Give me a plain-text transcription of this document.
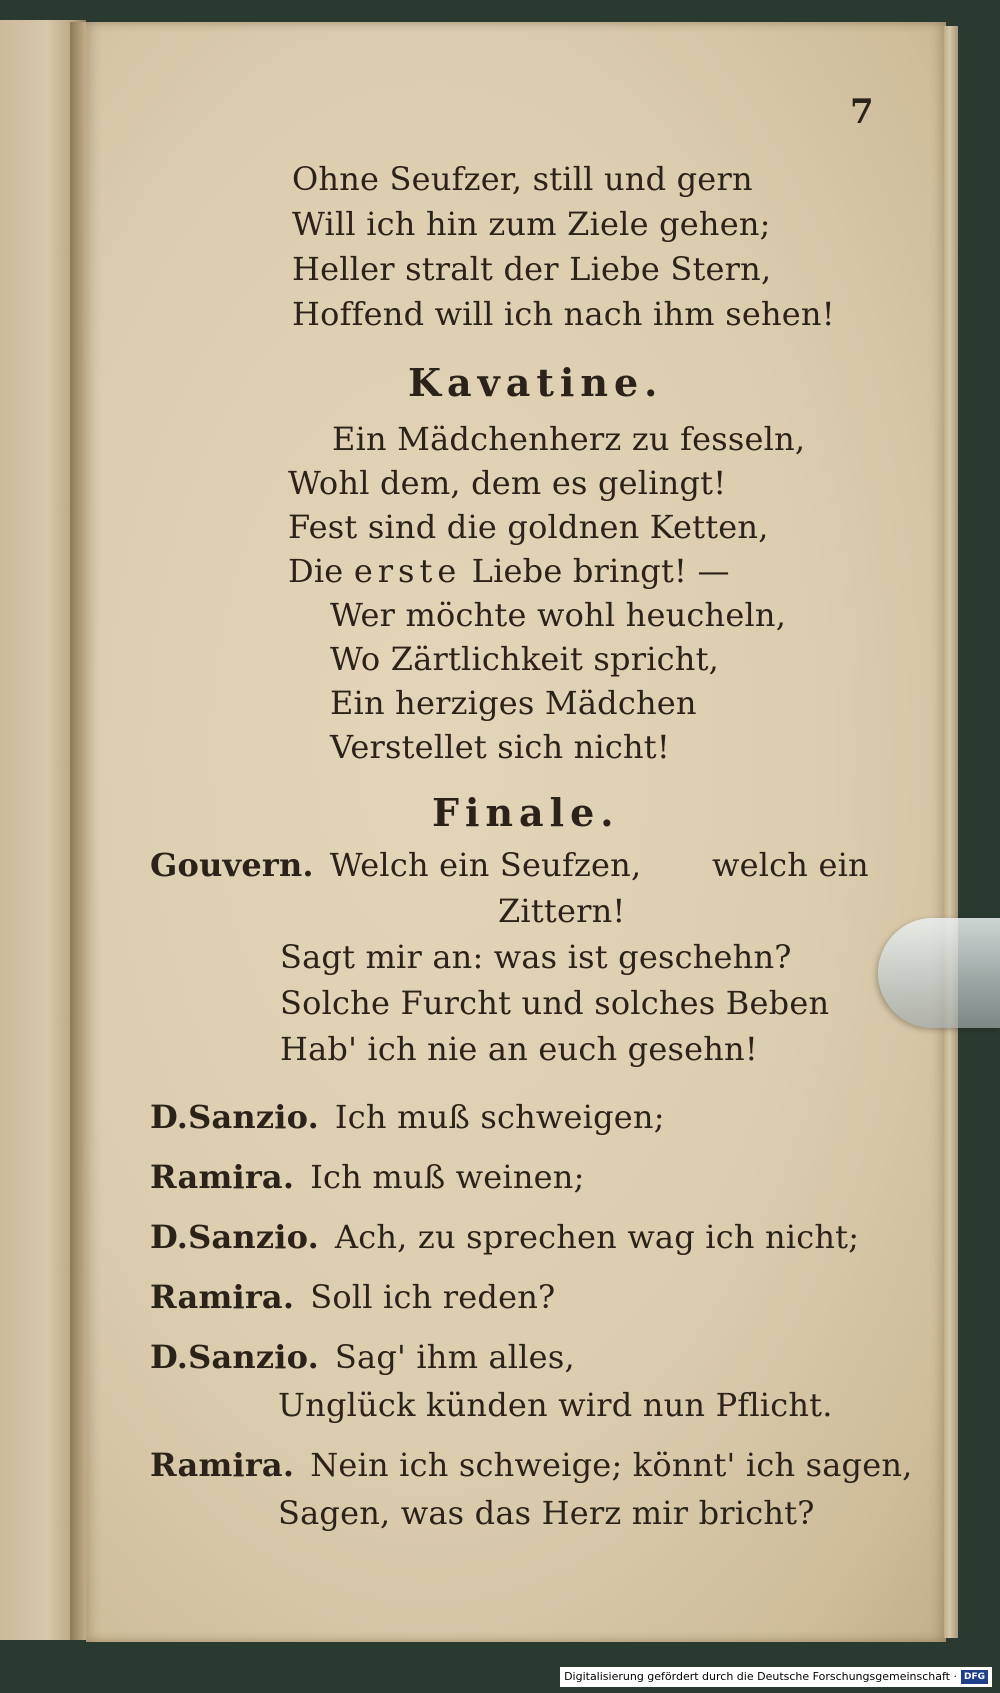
7
Ohne Seufzer, still und gern
Will ich hin zum Ziele gehen;
Heller stralt der Liebe Stern,
Hoffend will ich nach ihm sehen!
Kavatine.
Ein Mädchenherz zu fesseln,
Wohl dem, dem es gelingt!
Fest sind die goldnen Ketten,
Die erste Liebe bringt! —
Wer möchte wohl heucheln,
Wo Zärtlichkeit spricht,
Ein herziges Mädchen
Verstellet sich nicht!
Finale.
Gouvern. Welch ein Seufzen, welch ein
Zittern!
Sagt mir an: was ist geschehn?
Solche Furcht und solches Beben
Hab' ich nie an euch gesehn!
D.Sanzio. Ich muß schweigen;
Ramira. Ich muß weinen;
D.Sanzio. Ach, zu sprechen wag ich nicht;
Ramira. Soll ich reden?
D.Sanzio. Sag' ihm alles,
Unglück künden wird nun Pflicht.
Ramira. Nein ich schweige; könnt' ich sagen,
Sagen, was das Herz mir bricht?
Digitalisierung gefördert durch die Deutsche Forschungsgemeinschaft · DFG
